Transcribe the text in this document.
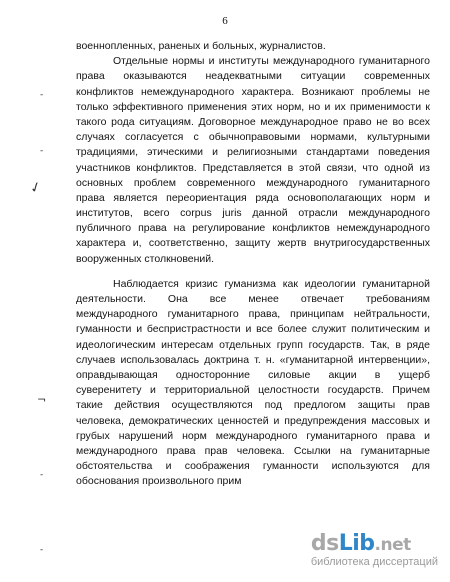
6
военнопленных, раненых и больных, журналистов.
Отдельные нормы и институты международного гуманитарного
права оказываются неадекватными ситуации современных
конфликтов немеждународного характера. Возникают проблемы не
только эффективного применения этих норм, но и их применимости к
такого рода ситуациям. Договорное международное право не во всех
случаях согласуется с обычноправовыми нормами, культурными
традициями, этическими и религиозными стандартами поведения
участников конфликтов. Представляется в этой связи, что одной из
основных проблем современного международного гуманитарного
права является переориентация ряда основополагающих норм и
институтов, всего corpus juris данной отрасли международного
публичного права на регулирование конфликтов немеждународного
характера и, соответственно, защиту жертв внутригосударственных
вооруженных столкновений.
Наблюдается кризис гуманизма как идеологии гуманитарной
деятельности. Она все менее отвечает требованиям
международного гуманитарного права, принципам нейтральности,
гуманности и беспристрастности и все более служит политическим и
идеологическим интересам отдельных групп государств. Так, в ряде
случаев использовалась доктрина т. н. «гуманитарной интервенции»,
оправдывающая односторонние силовые акции в ущерб
суверенитету и территориальной целостности государств. Причем
такие действия осуществляются под предлогом защиты прав
человека, демократических ценностей и предупреждения массовых и
грубых нарушений норм международного гуманитарного права и
международного права прав человека. Ссылки на гуманитарные
обстоятельства и соображения гуманности используются для
обоснования произвольного прим
-
-
✓
¬
-
-	dsLib.net
библиотека диссертаций
